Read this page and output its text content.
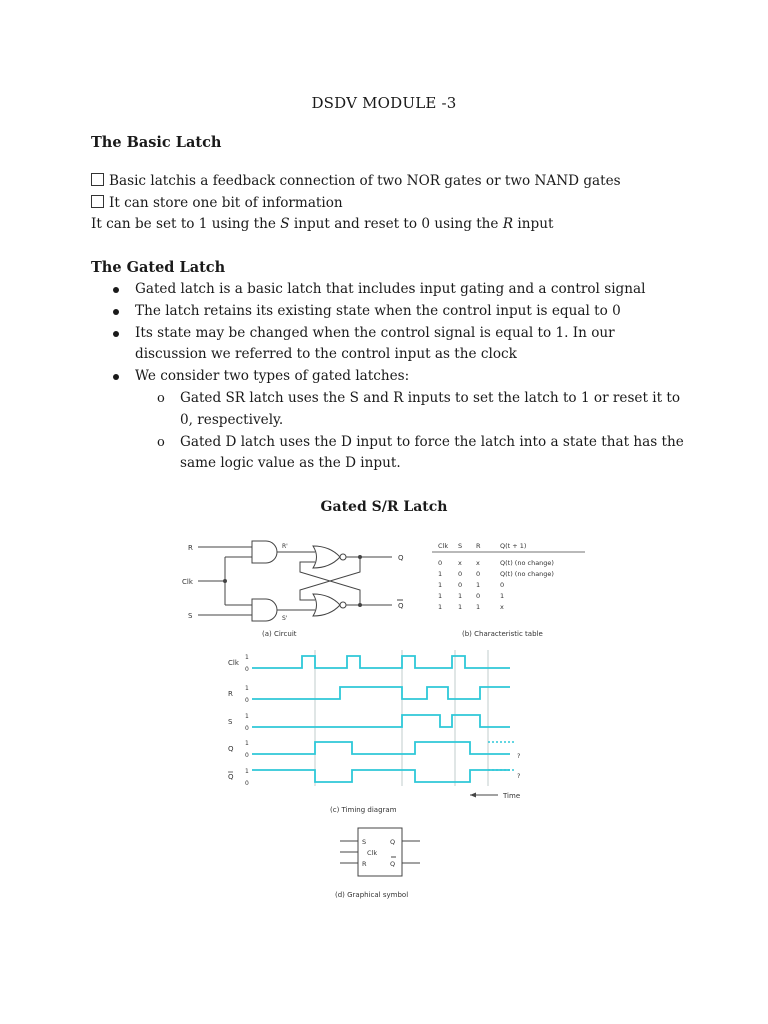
DSDV MODULE -3
The Basic Latch
Basic latchis a feedback connection of two NOR gates or two NAND gates
It can store one bit of information
It can be set to 1 using the S input and reset to 0 using the R input
The Gated Latch
Gated latch is a basic latch that includes input gating and a control signal
The latch retains its existing state when the control input is equal to 0
Its state may be changed when the control signal is equal to 1. In our
discussion we referred to the control input as the clock
We consider two types of gated latches:
o Gated SR latch uses the S and R inputs to set the latch to 1 or reset it to
0, respectively.
o Gated D latch uses the D input to force the latch into a state that has the
same logic value as the D input.
Gated S/R Latch
R
Clk
S
R'
S'
Q
Q
(a) Circuit
Clk S R	Q(t + 1)
0 x x	Q(t) (no change)
1 0 0	Q(t) (no change)
1 0 1	0
1 1 0	1
1 1 1	x
(b) Characteristic table
Clk
1
0
R
1
0
S
1
0
Q
1
0
Q
1
0
?
?
Time
(c) Timing diagram
S	Q
Clk
R	Q
(d) Graphical symbol
